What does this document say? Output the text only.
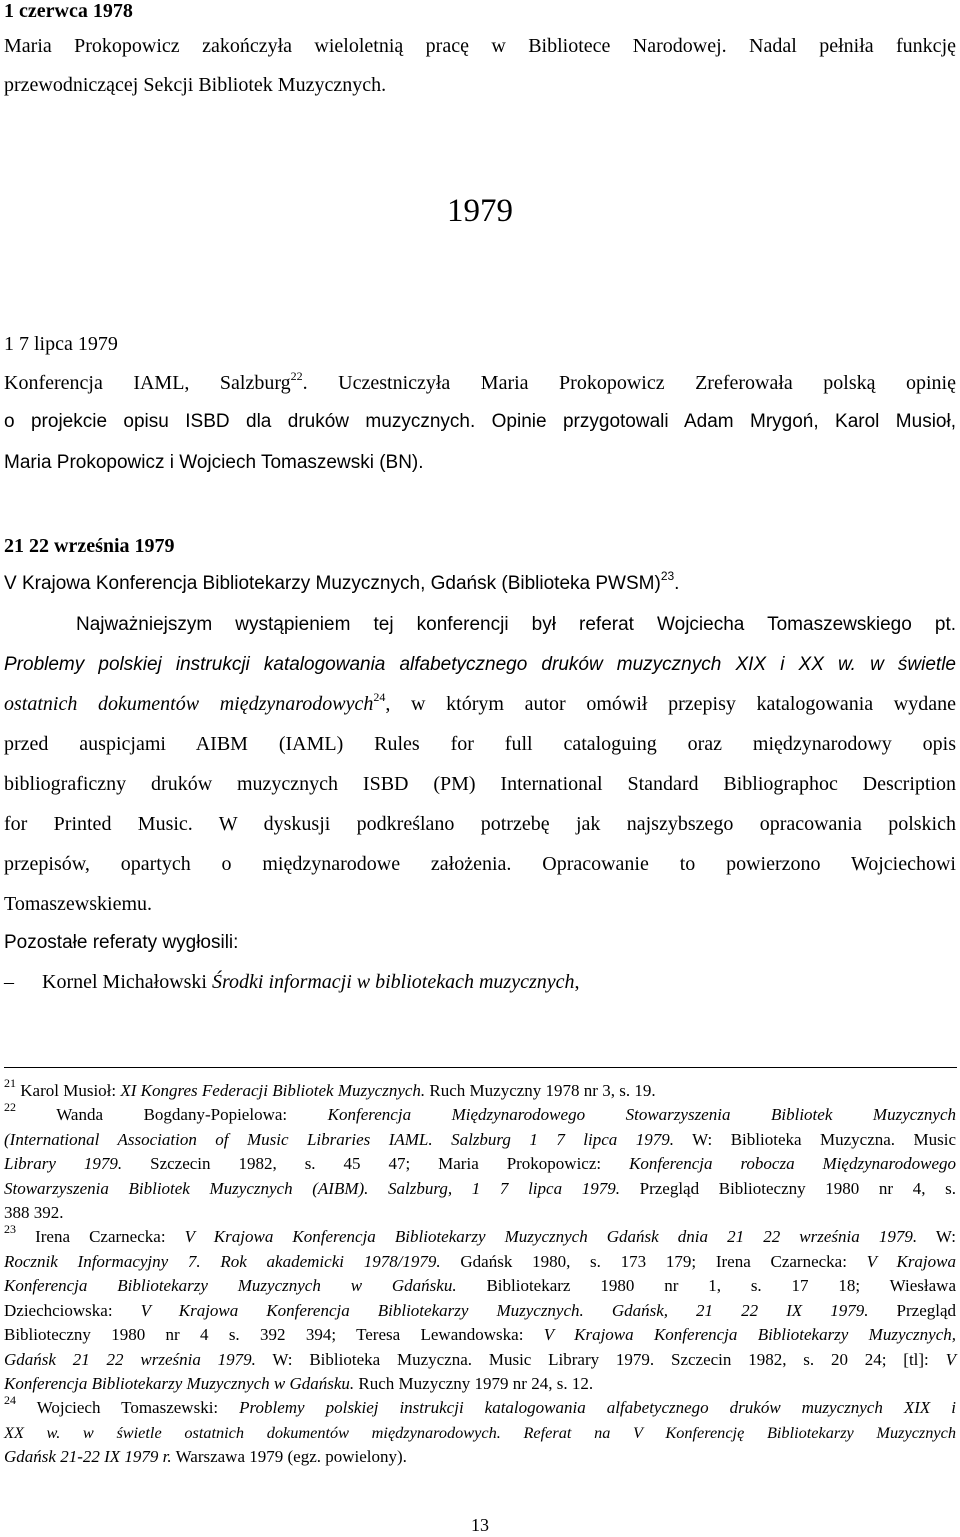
1 czerwca 1978
Maria Prokopowicz zakończyła wieloletnią pracę w Bibliotece Narodowej. Nadal pełniła funkcję
przewodniczącej Sekcji Bibliotek Muzycznych.
1979
1 7 lipca 1979
Konferencja IAML, Salzburg$^{22}$. Uczestniczyła Maria Prokopowicz Zreferowała polską opinię
o projekcie opisu ISBD dla druków muzycznych. Opinie przygotowali Adam Mrygoń, Karol Musioł,
Maria Prokopowicz i Wojciech Tomaszewski (BN).
21 22 września 1979
V Krajowa Konferencja Bibliotekarzy Muzycznych, Gdańsk (Biblioteka PWSM)$^{23}$.
Najważniejszym wystąpieniem tej konferencji był referat Wojciecha Tomaszewskiego pt.
Problemy polskiej instrukcji katalogowania alfabetycznego druków muzycznych XIX i XX w. w świetle
ostatnich dokumentów międzynarodowych$^{24}$, w którym autor omówił przepisy katalogowania wydane
przed auspicjami AIBM (IAML) Rules for full cataloguing oraz międzynarodowy opis
bibliograficzny druków muzycznych ISBD (PM) International Standard Bibliographoc Description
for Printed Music. W dyskusji podkreślano potrzebę jak najszybszego opracowania polskich
przepisów, opartych o międzynarodowe założenia. Opracowanie to powierzono Wojciechowi
Tomaszewskiemu.
Pozostałe referaty wygłosili:
– Kornel Michałowski Środki informacji w bibliotekach muzycznych,
$^{21}$ Karol Musioł: XI Kongres Federacji Bibliotek Muzycznych. Ruch Muzyczny 1978 nr 3, s. 19.
$^{22}$ Wanda Bogdany-Popielowa: Konferencja Międzynarodowego Stowarzyszenia Bibliotek Muzycznych
(International Association of Music Libraries IAML. Salzburg 1 7 lipca 1979. W: Biblioteka Muzyczna. Music
Library 1979. Szczecin 1982, s. 45 47; Maria Prokopowicz: Konferencja robocza Międzynarodowego
Stowarzyszenia Bibliotek Muzycznych (AIBM). Salzburg, 1 7 lipca 1979. Przegląd Biblioteczny 1980 nr 4, s.
388 392.
$^{23}$ Irena Czarnecka: V Krajowa Konferencja Bibliotekarzy Muzycznych Gdańsk dnia 21 22 września 1979. W:
Rocznik Informacyjny 7. Rok akademicki 1978/1979. Gdańsk 1980, s. 173 179; Irena Czarnecka: V Krajowa
Konferencja Bibliotekarzy Muzycznych w Gdańsku. Bibliotekarz 1980 nr 1, s. 17 18; Wiesława
Dziechciowska: V Krajowa Konferencja Bibliotekarzy Muzycznych. Gdańsk, 21 22 IX 1979. Przegląd
Biblioteczny 1980 nr 4 s. 392 394; Teresa Lewandowska: V Krajowa Konferencja Bibliotekarzy Muzycznych,
Gdańsk 21 22 września 1979. W: Biblioteka Muzyczna. Music Library 1979. Szczecin 1982, s. 20 24; [tl]: V
Konferencja Bibliotekarzy Muzycznych w Gdańsku. Ruch Muzyczny 1979 nr 24, s. 12.
$^{24}$ Wojciech Tomaszewski: Problemy polskiej instrukcji katalogowania alfabetycznego druków muzycznych XIX i
XX w. w świetle ostatnich dokumentów międzynarodowych. Referat na V Konferencję Bibliotekarzy Muzycznych
Gdańsk 21-22 IX 1979 r. Warszawa 1979 (egz. powielony).
13
